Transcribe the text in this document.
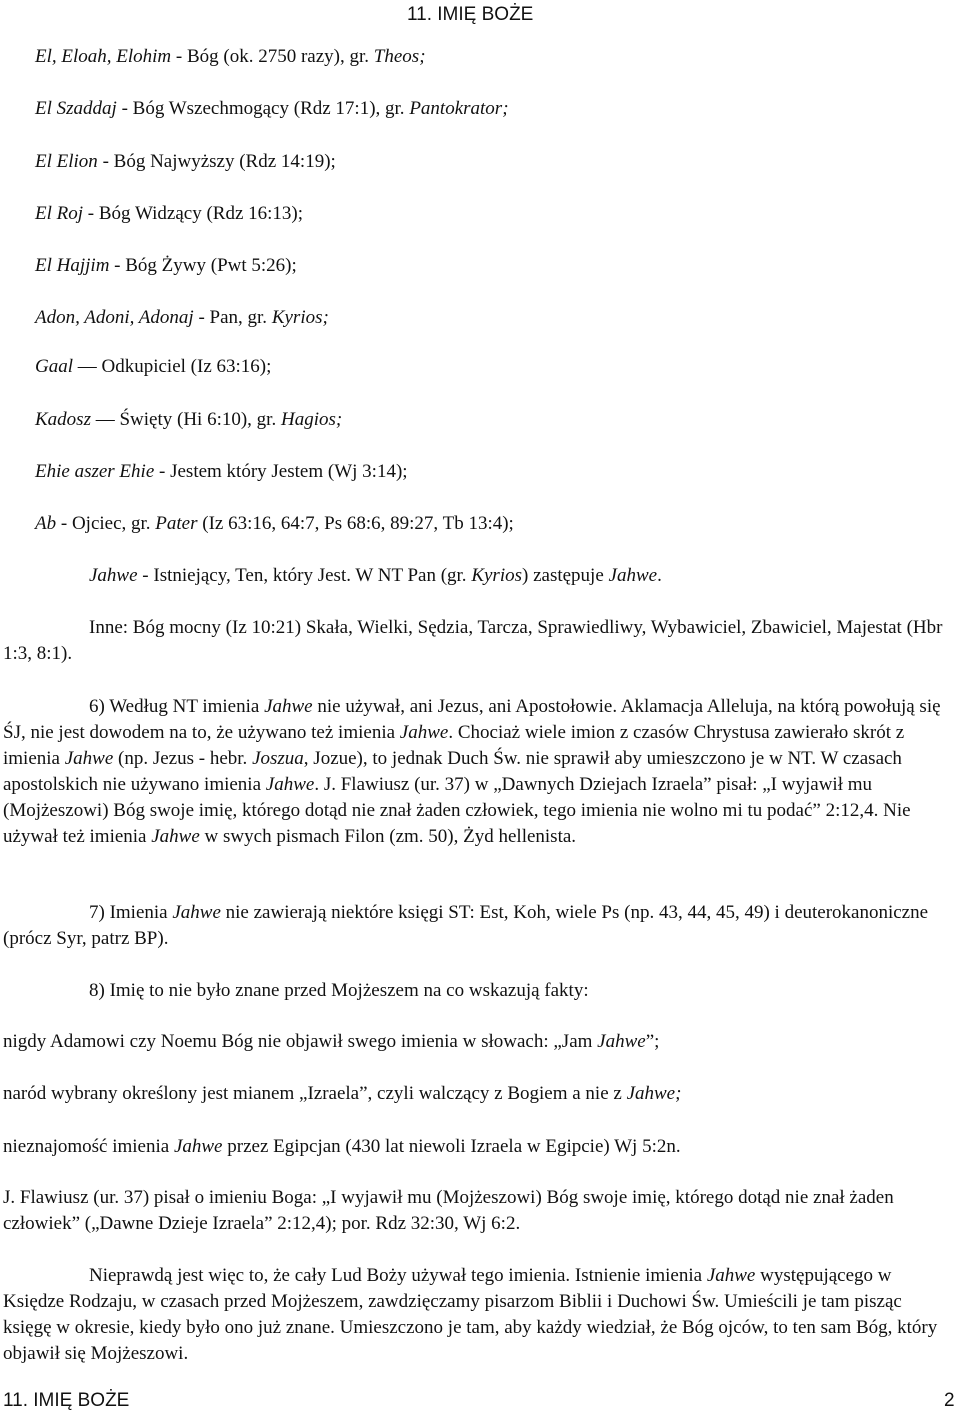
11. IMIĘ BOŻE
El, Eloah, Elohim - Bóg (ok. 2750 razy), gr. Theos;
El Szaddaj - Bóg Wszechmogący (Rdz 17:1), gr. Pantokrator;
El Elion - Bóg Najwyższy (Rdz 14:19);
El Roj - Bóg Widzący (Rdz 16:13);
El Hajjim - Bóg Żywy (Pwt 5:26);
Adon, Adoni, Adonaj - Pan, gr. Kyrios;
Gaal — Odkupiciel (Iz 63:16);
Kadosz — Święty (Hi 6:10), gr. Hagios;
Ehie aszer Ehie - Jestem który Jestem (Wj 3:14);
Ab - Ojciec, gr. Pater (Iz 63:16, 64:7, Ps 68:6, 89:27, Tb 13:4);
Jahwe - Istniejący, Ten, który Jest. W NT Pan (gr. Kyrios) zastępuje Jahwe.
Inne: Bóg mocny (Iz 10:21) Skała, Wielki, Sędzia, Tarcza, Sprawiedliwy, Wybawiciel, Zbawiciel, Majestat (Hbr 1:3, 8:1).
6) Według NT imienia Jahwe nie używał, ani Jezus, ani Apostołowie. Aklamacja Alleluja, na którą powołują się ŚJ, nie jest dowodem na to, że używano też imienia Jahwe. Chociaż wiele imion z czasów Chrystusa zawierało skrót z imienia Jahwe (np. Jezus - hebr. Joszua, Jozue), to jednak Duch Św. nie sprawił aby umieszczono je w NT. W czasach apostolskich nie używano imienia Jahwe. J. Flawiusz (ur. 37) w „Dawnych Dziejach Izraela” pisał: „I wyjawił mu (Mojżeszowi) Bóg swoje imię, którego dotąd nie znał żaden człowiek, tego imienia nie wolno mi tu podać” 2:12,4. Nie używał też imienia Jahwe w swych pismach Filon (zm. 50), Żyd hellenista.
7) Imienia Jahwe nie zawierają niektóre księgi ST: Est, Koh, wiele Ps (np. 43, 44, 45, 49) i deuterokanoniczne (prócz Syr, patrz BP).
8) Imię to nie było znane przed Mojżeszem na co wskazują fakty:
nigdy Adamowi czy Noemu Bóg nie objawił swego imienia w słowach: „Jam Jahwe”;
naród wybrany określony jest mianem „Izraela”, czyli walczący z Bogiem a nie z Jahwe;
nieznajomość imienia Jahwe przez Egipcjan (430 lat niewoli Izraela w Egipcie) Wj 5:2n.
J. Flawiusz (ur. 37) pisał o imieniu Boga: „I wyjawił mu (Mojżeszowi) Bóg swoje imię, którego dotąd nie znał żaden człowiek” („Dawne Dzieje Izraela” 2:12,4); por. Rdz 32:30, Wj 6:2.
Nieprawdą jest więc to, że cały Lud Boży używał tego imienia. Istnienie imienia Jahwe występującego w Księdze Rodzaju, w czasach przed Mojżeszem, zawdzięczamy pisarzom Biblii i Duchowi Św. Umieścili je tam pisząc księgę w okresie, kiedy było ono już znane. Umieszczono je tam, aby każdy wiedział, że Bóg ojców, to ten sam Bóg, który objawił się Mojżeszowi.
11. IMIĘ BOŻE	2
